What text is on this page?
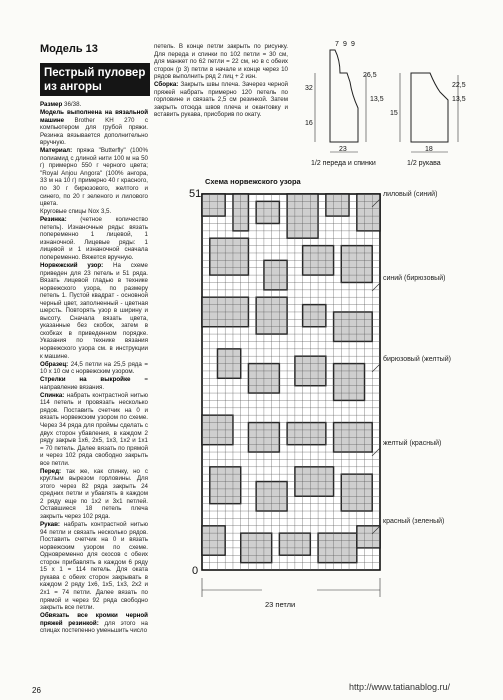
Модель 13
Пестрый пуловер из ангоры

Размер 36/38.

Модель выполнена на вязальной машине Brother KH 270 с компьютером для грубой пряжи. Резинка вязывается дополнительно вручную.

Материал: пряжа "Butterfly" (100% полиамид с длиной нити 100 м на 50 г) примерно 550 г черного цвета; "Royal Anjou Angora" (100% ангора, 33 м на 10 г) примерно 40 г красного, по 30 г бирюзового, желтого и синего, по 20 г зеленого и лилового цвета.

Круговые спицы Nox 3,5.

Резинка: (четное количество петель). Изнаночные ряды: вязать попеременно 1 лицевой, 1 изнаночной. Лицевые ряды: 1 лицевой и 1 изнаночной сначала попеременно. Вяжется вручную.

Норвежский узор: На схеме приведен для 23 петель и 51 ряда. Вязать лицевой гладью в технике норвежского узора, по размеру петель 1. Пустой квадрат - основной черный цвет, заполненный - цветная шерсть. Повторять узор в ширину и высоту. Сначала вязать цвета, указанные без скобок, затем в скобках в приведенном порядке. Указания по технике вязания норвежского узора см. в инструкции к машине.

Образец: 24,5 петли на 25,5 ряда = 10 x 10 см с норвежским узором.

Стрелки на выкройке = направление вязания.

Спинка: набрать контрастной нитью 114 петель и провязать несколько рядов. Поставить счетчик на 0 и вязать норвежским узором по схеме. Через 34 ряда для проймы сделать с двух сторон убавления, в каждом 2 ряду закрыв 1x6, 2x5, 1x3, 1x2 и 1x1 = 70 петель. Далее вязать по прямой и через 102 ряда свободно закрыть все петли.

Перед: так же, как спинку, но с круглым вырезом горловины. Для этого через 82 ряда закрыть 24 средних петли и убавлять в каждом 2 ряду еще по 1x2 и 3x1 петлей. Оставшиеся 18 петель плеча закрыть через 102 ряда.

Рукав: набрать контрастной нитью 94 петли и связать несколько рядов. Поставить счетчик на 0 и вязать норвежским узором по схеме. Одновременно для скосов с обеих сторон прибавлять в каждом 6 ряду 15 x 1 = 114 петель. Для оката рукава с обеих сторон закрывать в каждом 2 ряду 1x6, 1x5, 1x3, 2x2 и 2x1 = 74 петли. Далее вязать по прямой и через 92 ряда свободно закрыть все петли.

Обвязать все кромки черной пряжей резинкой: для этого на спицах постепенно уменьшить число

петель. В конце петли закрыть по рисунку. Для переда и спинки по 102 петли = 30 см, для манжет по 62 петли = 22 см, но в с обеих сторон (p 3) петли в начале и конце через 10 рядов выполнить ряд 2 лиц + 2 изн.

Сборка: Закрыть швы плеча. Зачерез черной пряжей набрать примерно 120 петель по горловине и связать 2,5 см резинкой. Затем закрыть отсюда швов плеча и окантовку и вставить рукава, присборив по окату.

Схема норвежского узора
51
0
23 петли
лиловый (синий)
синий (бирюзовый)
бирюзовый (желтый)
желтый (красный)
красный (зеленый)
1/2 переда и спинки	1/2 рукава
7 9 9
32
26,5
13,5
16
23
22,5
13,5
15
18
26	http://www.tatianablog.ru/
